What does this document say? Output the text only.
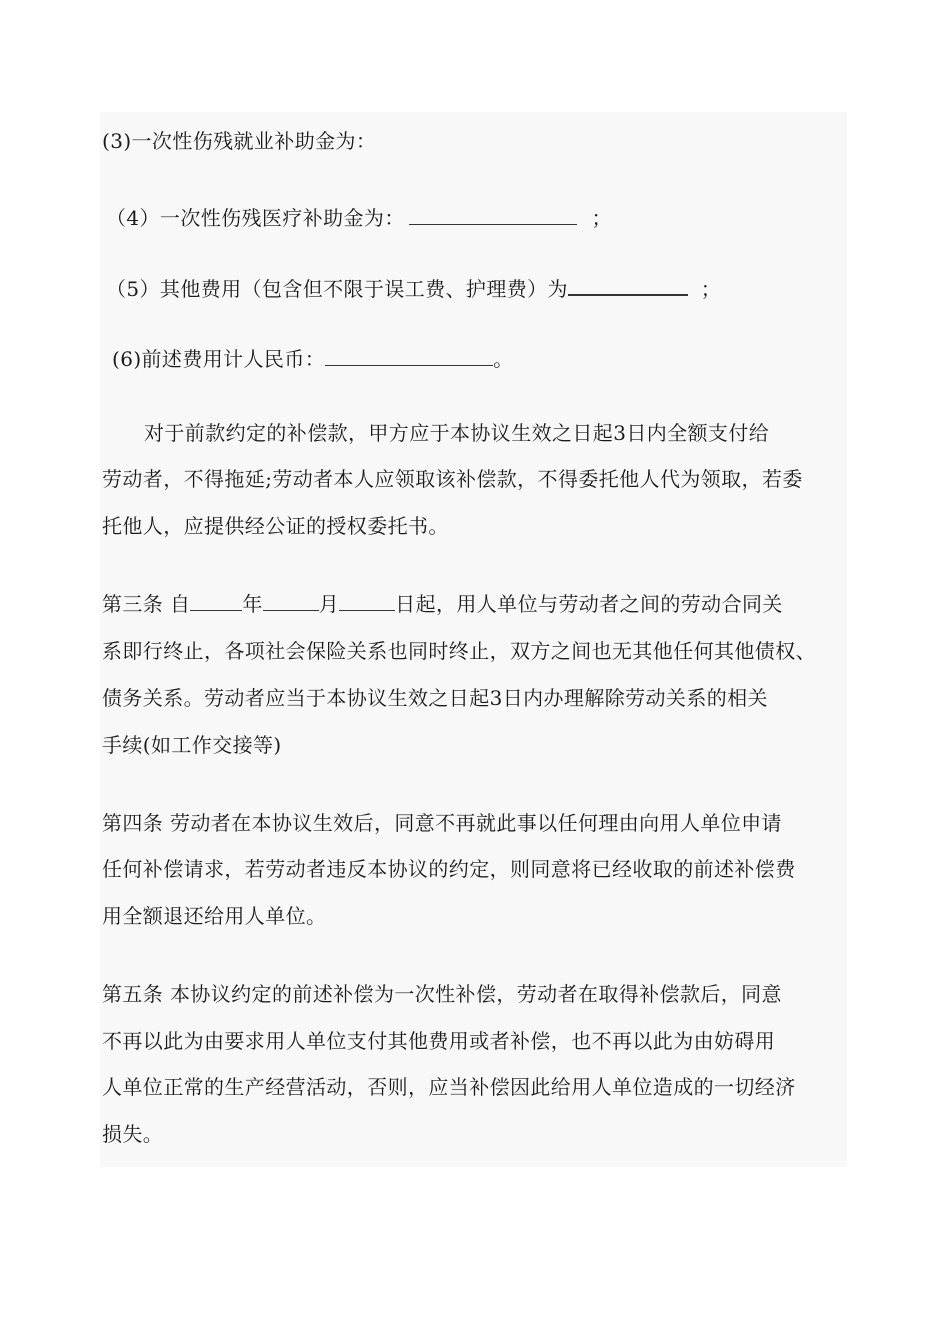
(3)一次性伤残就业补助金为：
（4）一次性伤残医疗补助金为：	；
（5）其他费用（包含但不限于误工费、护理费）为	；
(6)前述费用计人民币：	。
对于前款约定的补偿款，甲方应于本协议生效之日起3日内全额支付给
劳动者，不得拖延;劳动者本人应领取该补偿款，不得委托他人代为领取，若委
托他人，应提供经公证的授权委托书。
第三条 自	年	月	日起，用人单位与劳动者之间的劳动合同关
系即行终止，各项社会保险关系也同时终止，双方之间也无其他任何其他债权、
债务关系。劳动者应当于本协议生效之日起3日内办理解除劳动关系的相关
手续(如工作交接等)
第四条 劳动者在本协议生效后，同意不再就此事以任何理由向用人单位申请
任何补偿请求，若劳动者违反本协议的约定，则同意将已经收取的前述补偿费
用全额退还给用人单位。
第五条 本协议约定的前述补偿为一次性补偿，劳动者在取得补偿款后，同意
不再以此为由要求用人单位支付其他费用或者补偿，也不再以此为由妨碍用
人单位正常的生产经营活动，否则，应当补偿因此给用人单位造成的一切经济
损失。
